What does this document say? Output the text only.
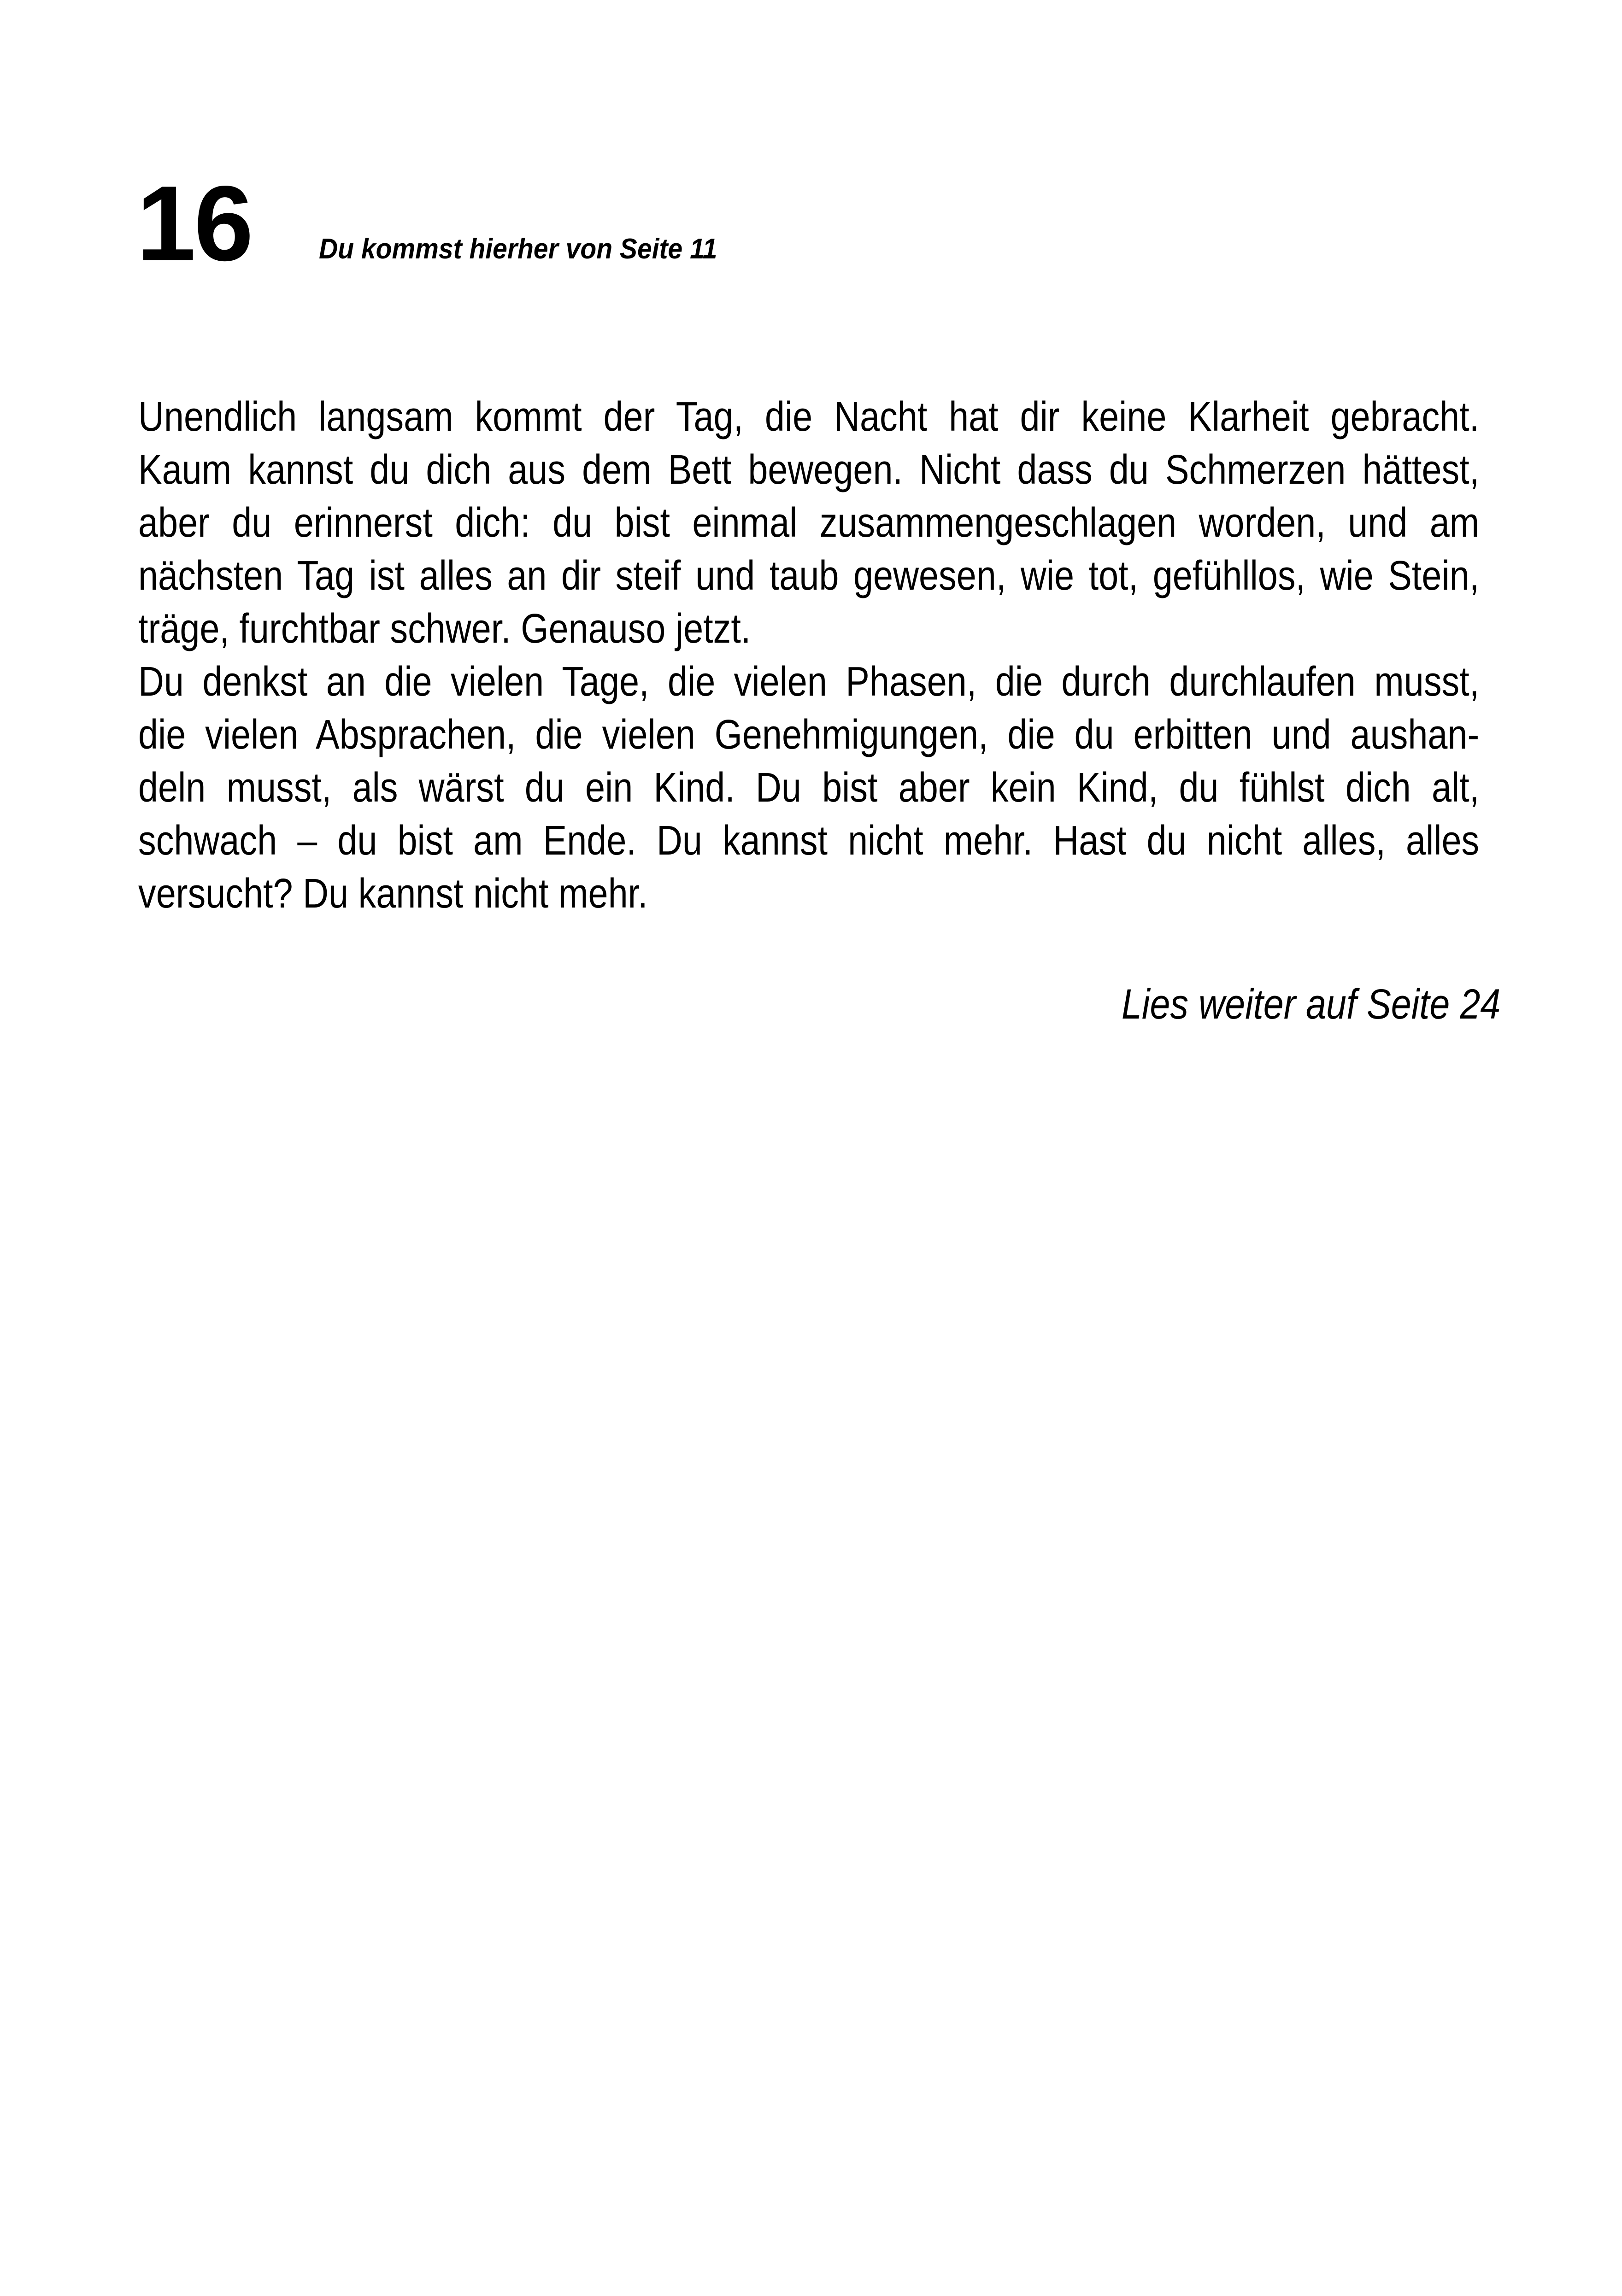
16 Du kommst hierher von Seite 11
Unendlich langsam kommt der Tag, die Nacht hat dir keine Klarheit gebracht.
Kaum kannst du dich aus dem Bett bewegen. Nicht dass du Schmerzen hättest,
aber du erinnerst dich: du bist einmal zusammengeschlagen worden, und am
nächsten Tag ist alles an dir steif und taub gewesen, wie tot, gefühllos, wie Stein,
träge, furchtbar schwer. Genauso jetzt.
Du denkst an die vielen Tage, die vielen Phasen, die durch durchlaufen musst,
die vielen Absprachen, die vielen Genehmigungen, die du erbitten und aushan-
deln musst, als wärst du ein Kind. Du bist aber kein Kind, du fühlst dich alt,
schwach – du bist am Ende. Du kannst nicht mehr. Hast du nicht alles, alles
versucht? Du kannst nicht mehr.
Lies weiter auf Seite 24
